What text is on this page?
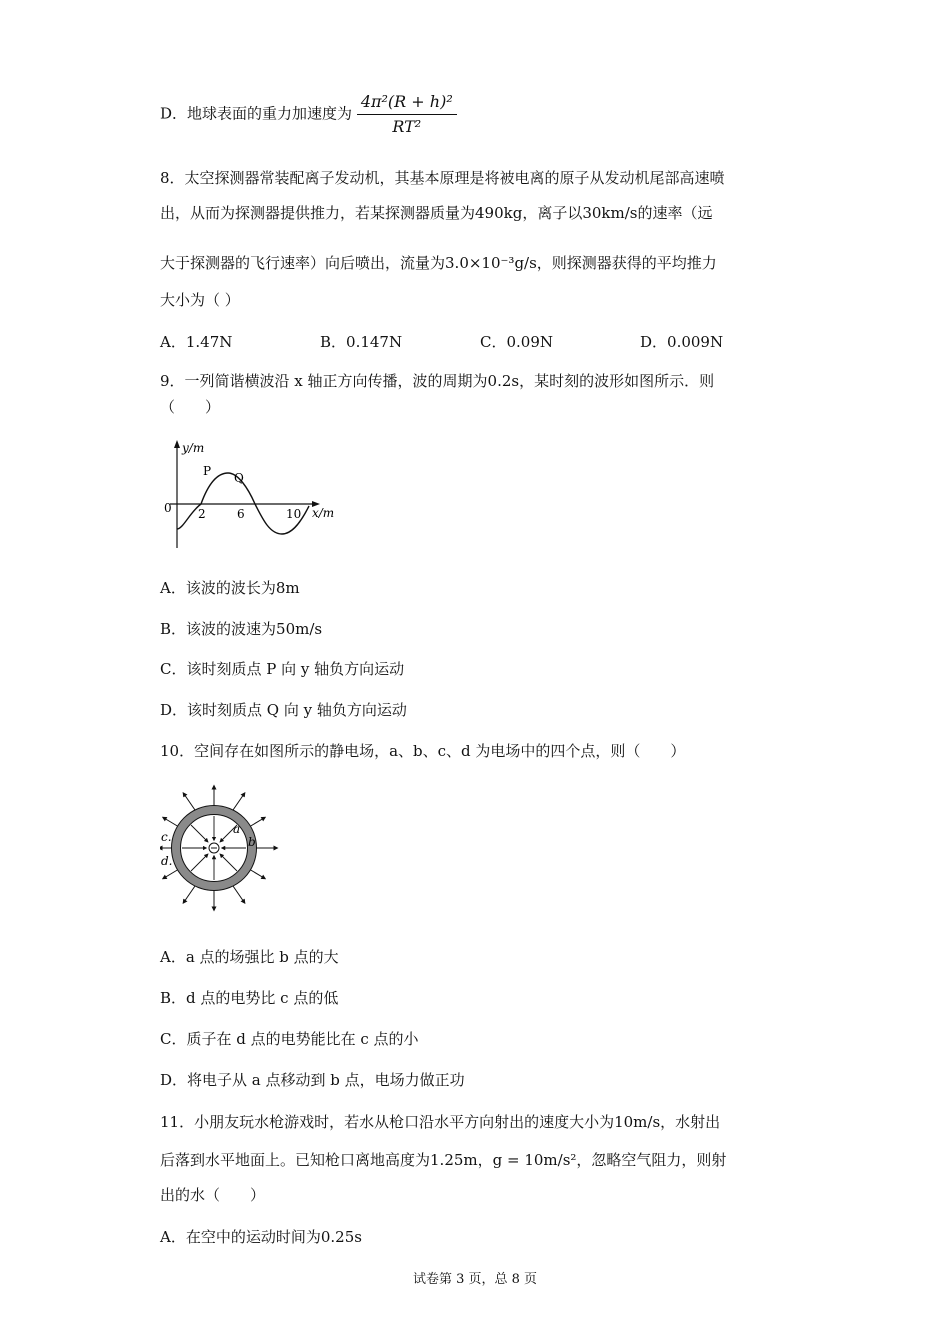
D．地球表面的重力加速度为 $\frac{\text{4π²(R + h)²}}{\text{RT²}}$
8．太空探测器常装配离子发动机，其基本原理是将被电离的原子从发动机尾部高速喷
出，从而为探测器提供推力，若某探测器质量为490kg，离子以30km/s的速率（远
大于探测器的飞行速率）向后喷出，流量为3.0×10⁻³g/s，则探测器获得的平均推力
大小为（ ）
A．1.47N	B．0.147N	C．0.09N	D．0.009N
9．一列简谐横波沿 x 轴正方向传播，波的周期为0.2s，某时刻的波形如图所示．则
（　　）
y/m
x/m
0 2	6	10
P Q
A．该波的波长为8m
B．该波的波速为50m/s
C．该时刻质点 P 向 y 轴负方向运动
D．该时刻质点 Q 向 y 轴负方向运动
10．空间存在如图所示的静电场，a、b、c、d 为电场中的四个点，则（　　）
a
b
c.
d.
A．a 点的场强比 b 点的大
B．d 点的电势比 c 点的低
C．质子在 d 点的电势能比在 c 点的小
D．将电子从 a 点移动到 b 点，电场力做正功
11．小朋友玩水枪游戏时，若水从枪口沿水平方向射出的速度大小为10m/s，水射出
后落到水平地面上。已知枪口离地高度为1.25m，g = 10m/s²，忽略空气阻力，则射
出的水（　　）
A．在空中的运动时间为0.25s
试卷第 3 页，总 8 页
